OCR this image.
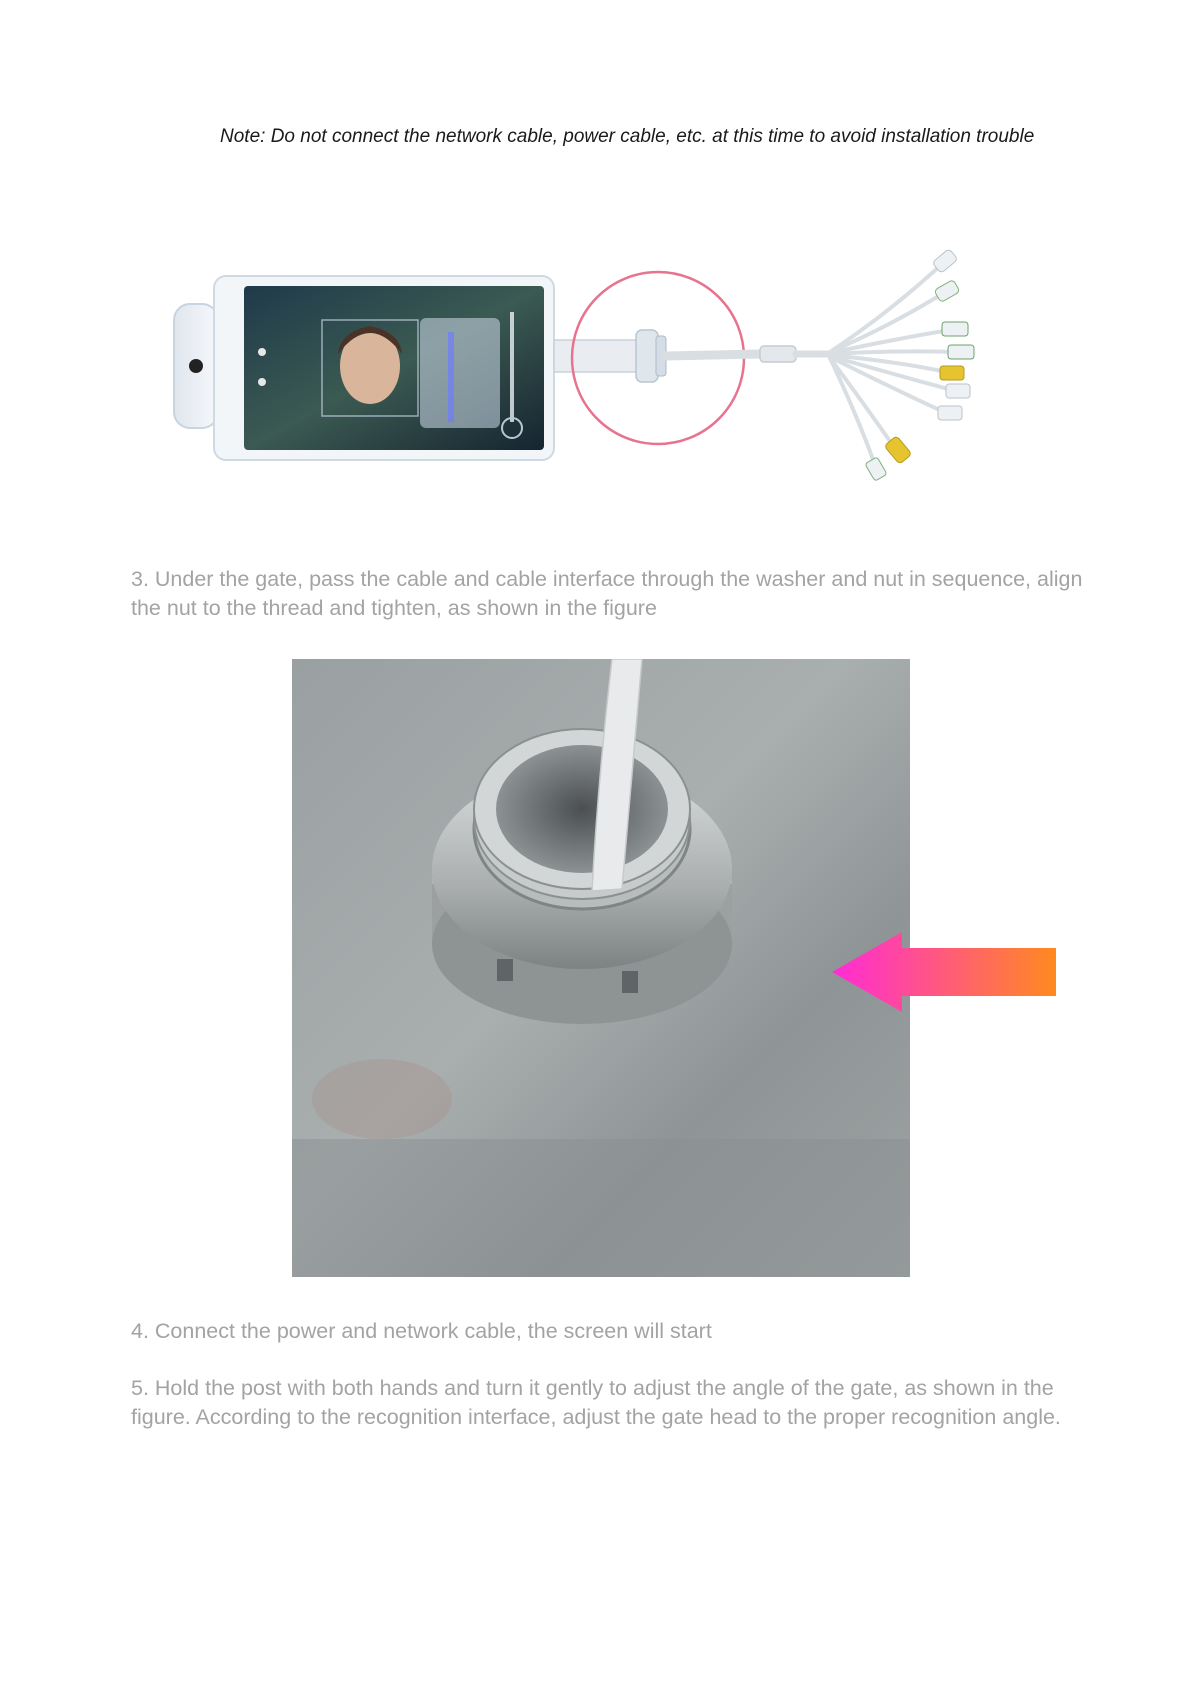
Note: Do not connect the network cable, power cable, etc. at this time to avoid installation trouble

3. Under the gate, pass the cable and cable interface through the washer and nut in sequence, align the nut to the thread and tighten, as shown in the figure

4. Connect the power and network cable, the screen will start

5. Hold the post with both hands and turn it gently to adjust the angle of the gate, as shown in the figure. According to the recognition interface, adjust the gate head to the proper recognition angle.
